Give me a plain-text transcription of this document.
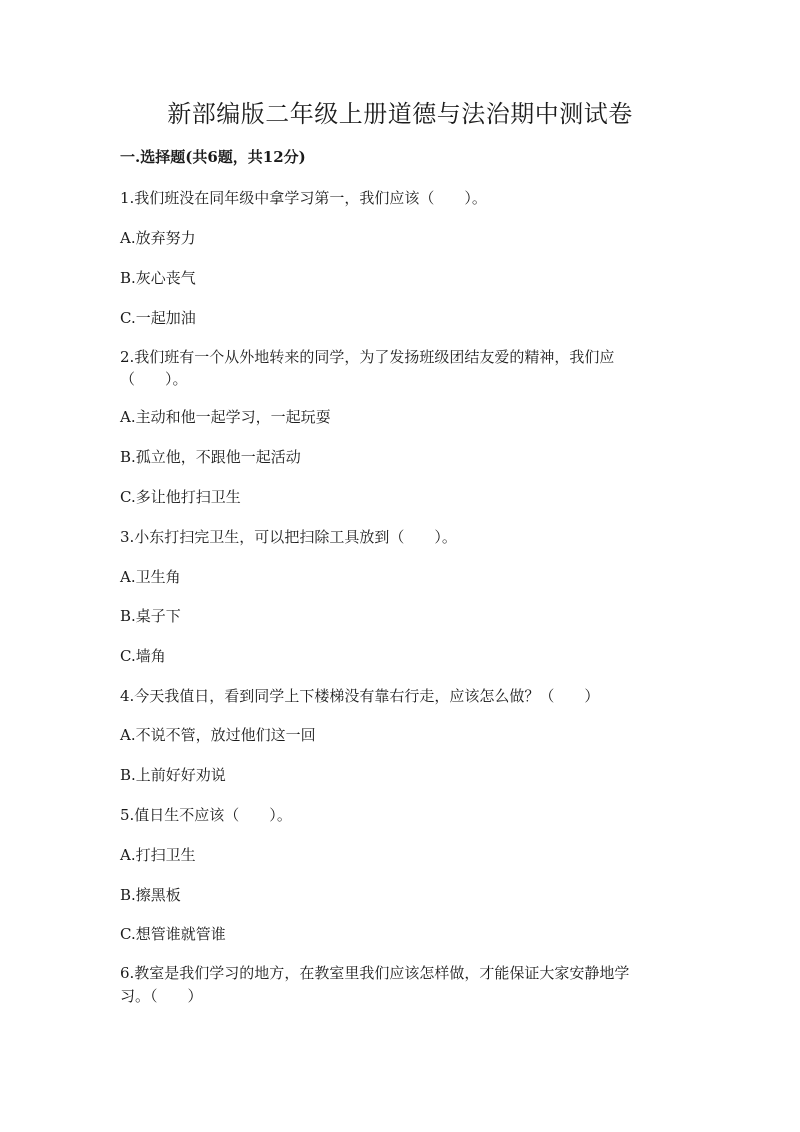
新部编版二年级上册道德与法治期中测试卷
一.选择题(共6题，共12分)
1.我们班没在同年级中拿学习第一，我们应该（　　）。
A.放弃努力
B.灰心丧气
C.一起加油
2.我们班有一个从外地转来的同学，为了发扬班级团结友爱的精神，我们应
（　　）。
A.主动和他一起学习，一起玩耍
B.孤立他，不跟他一起活动
C.多让他打扫卫生
3.小东打扫完卫生，可以把扫除工具放到（　　）。
A.卫生角
B.桌子下
C.墙角
4.今天我值日，看到同学上下楼梯没有靠右行走，应该怎么做？（　　）
A.不说不管，放过他们这一回
B.上前好好劝说
5.值日生不应该（　　）。
A.打扫卫生
B.擦黑板
C.想管谁就管谁
6.教室是我们学习的地方，在教室里我们应该怎样做，才能保证大家安静地学
习。（　　）
